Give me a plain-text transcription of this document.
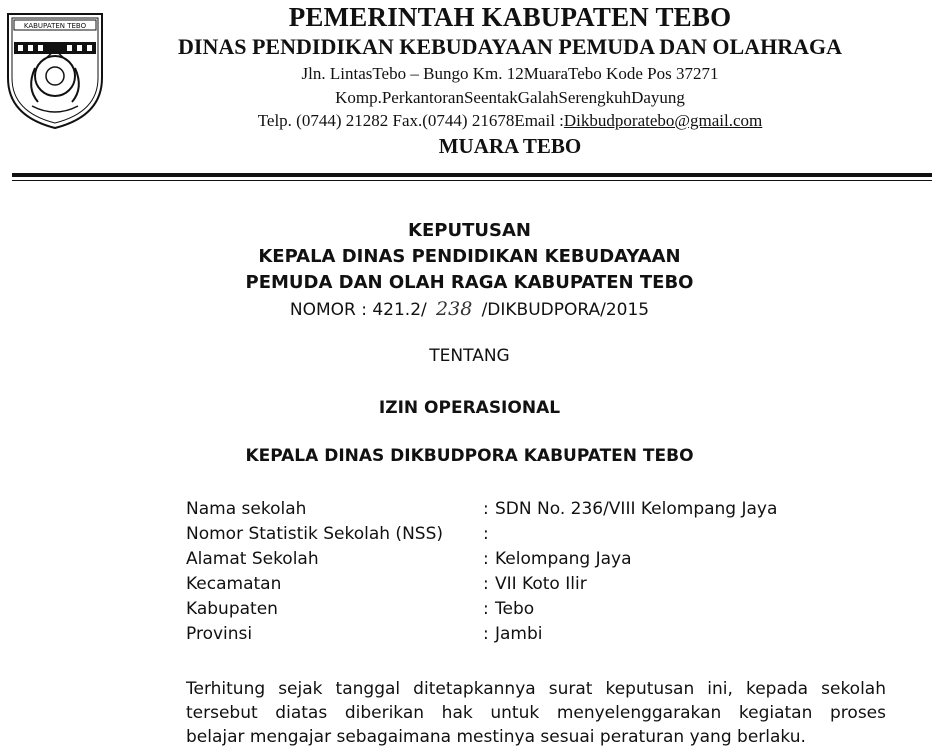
KABUPATEN TEBO	PEMERINTAH KABUPATEN TEBO
DINAS PENDIDIKAN KEBUDAYAAN PEMUDA DAN OLAHRAGA
Jln. LintasTebo – Bungo Km. 12MuaraTebo Kode Pos 37271
Komp.PerkantoranSeentakGalahSerengkuhDayung
Telp. (0744) 21282 Fax.(0744) 21678Email :Dikbudporatebo@gmail.com
MUARA TEBO
KEPUTUSAN
KEPALA DINAS PENDIDIKAN KEBUDAYAAN
PEMUDA DAN OLAH RAGA KABUPATEN TEBO
NOMOR : 421.2/ 238 /DIKBUDPORA/2015
TENTANG
IZIN OPERASIONAL
KEPALA DINAS DIKBUDPORA KABUPATEN TEBO
Nama sekolah	: SDN No. 236/VIII Kelompang Jaya
Nomor Statistik Sekolah (NSS) :
Alamat Sekolah	: Kelompang Jaya
Kecamatan	: VII Koto Ilir
Kabupaten	: Tebo
Provinsi	: Jambi
Terhitung sejak tanggal ditetapkannya surat keputusan ini, kepada sekolah
tersebut diatas diberikan hak untuk menyelenggarakan kegiatan proses
belajar mengajar sebagaimana mestinya sesuai peraturan yang berlaku.
